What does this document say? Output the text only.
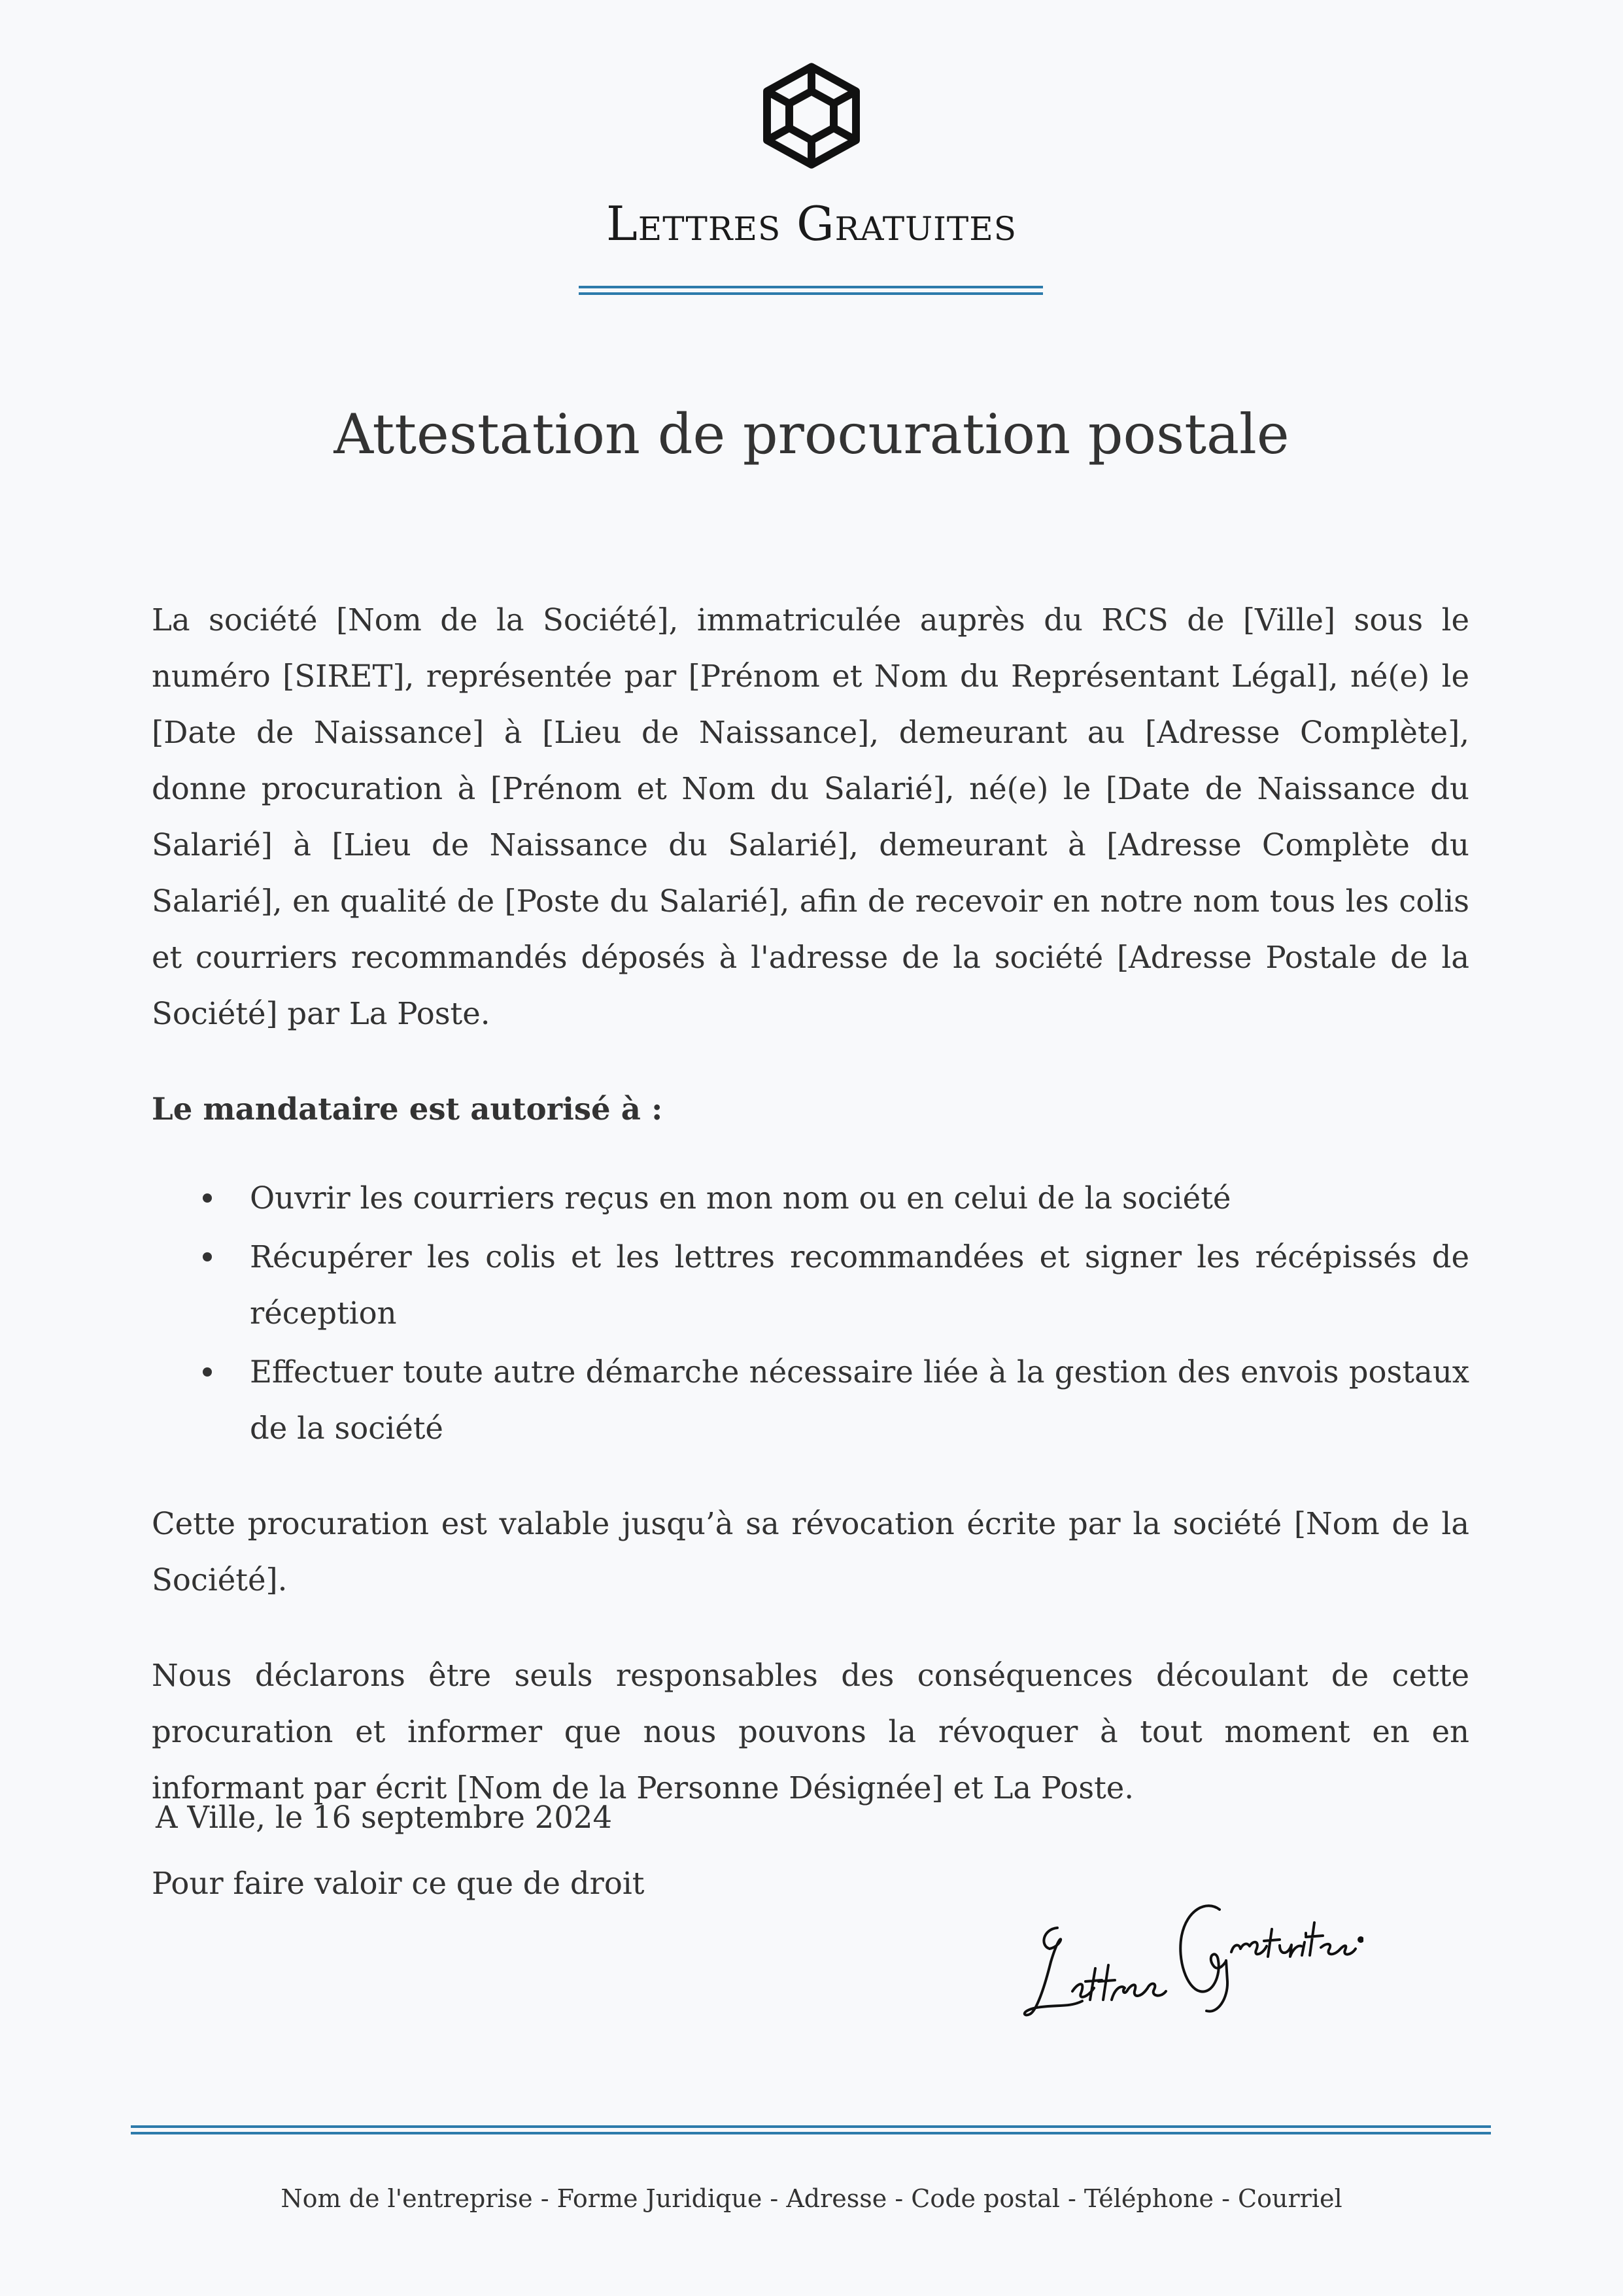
Lettres Gratuites
Attestation de procuration postale

La société [Nom de la Société], immatriculée auprès du RCS de [Ville] sous le numéro [SIRET], représentée par [Prénom et Nom du Représentant Légal], né(e) le [Date de Naissance] à [Lieu de Naissance], demeurant au [Adresse Complète], donne procuration à [Prénom et Nom du Salarié], né(e) le [Date de Naissance du Salarié] à [Lieu de Naissance du Salarié], demeurant à [Adresse Complète du Salarié], en qualité de [Poste du Salarié], afin de recevoir en notre nom tous les colis et courriers recommandés déposés à l'adresse de la société [Adresse Postale de la Société] par La Poste.

Le mandataire est autorisé à :

Ouvrir les courriers reçus en mon nom ou en celui de la société
Récupérer les colis et les lettres recommandées et signer les récépissés de réception
Effectuer toute autre démarche nécessaire liée à la gestion des envois postaux de la société

Cette procuration est valable jusqu’à sa révocation écrite par la société [Nom de la Société].

Nous déclarons être seuls responsables des conséquences découlant de cette procuration et informer que nous pouvons la révoquer à tout moment en en informant par écrit [Nom de la Personne Désignée] et La Poste.

Pour faire valoir ce que de droit

A Ville, le 16 septembre 2024
Nom de l'entreprise - Forme Juridique - Adresse - Code postal - Téléphone - Courriel
